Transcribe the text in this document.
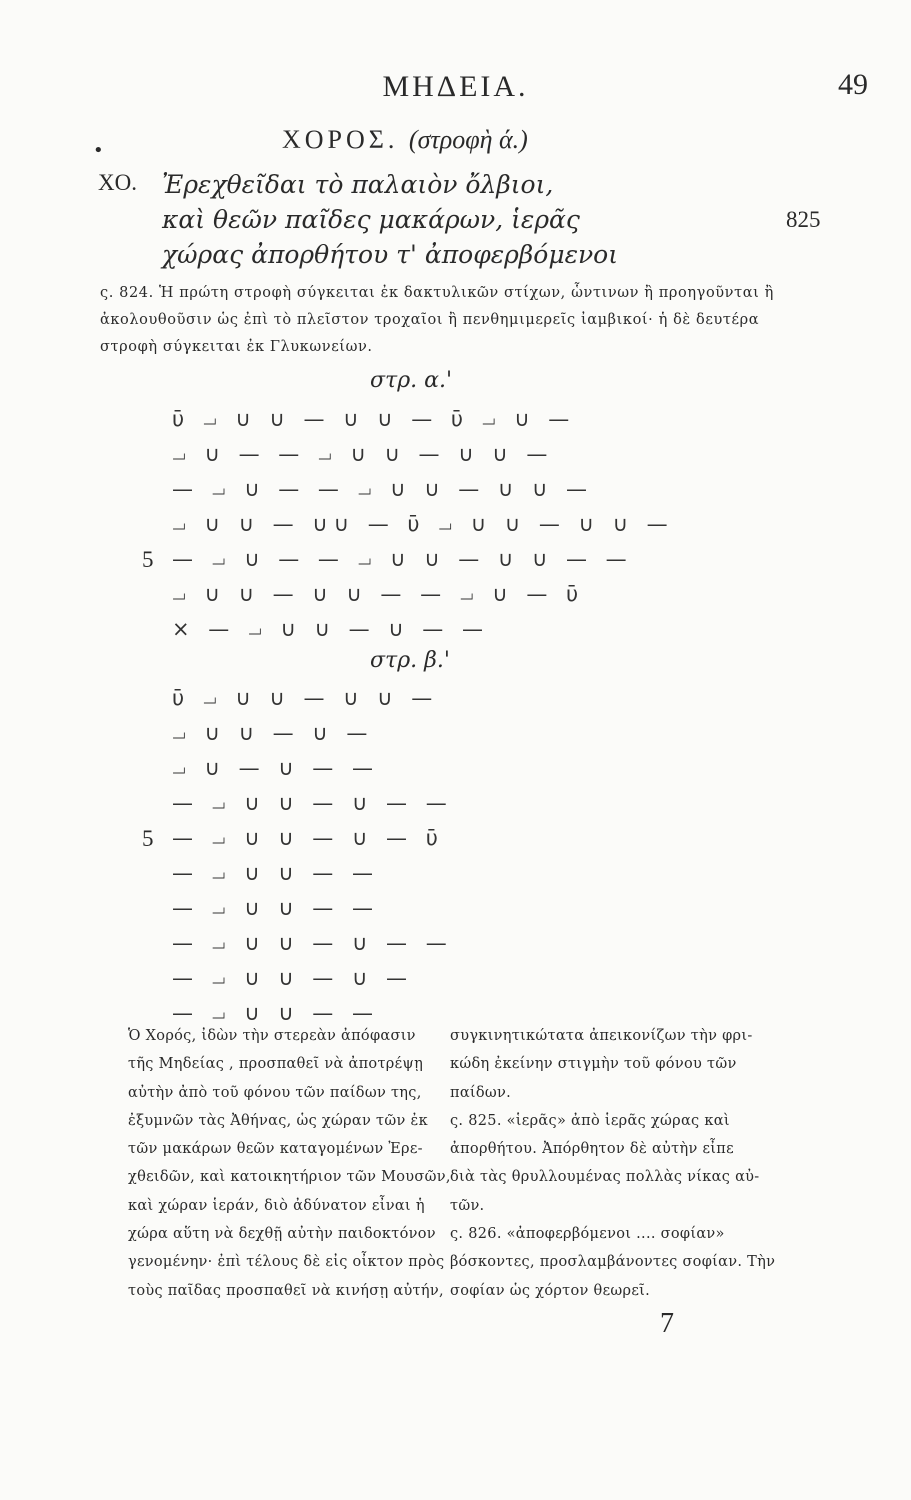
ΜΗΔΕΙΑ.	49
ΧΟΡΟΣ. (στροφὴ ά.)
•
ΧΟ. Ἐρεχθεῖδαι τὸ παλαιὸν ὄλβιοι,
καὶ θεῶν παῖδες μακάρων, ἱερᾶς
χώρας ἀπορθήτου τ' ἀποφερβόμενοι
825
ς. 824. Ἡ πρώτη στροφὴ σύγκειται ἐκ δακτυλικῶν στίχων, ὧντινων ἢ προηγοῦνται ἢ ἀκολουθοῦσιν ὡς ἐπὶ τὸ πλεῖστον τροχαῖοι ἢ πενθημιμερεῖς ἰαμβικοί· ἡ δὲ δευτέρα στροφὴ σύγκειται ἐκ Γλυκωνείων.
στρ. α.'
ῡ ⏗ ∪ ∪ — ∪ ∪ — ῡ ⏗ ∪ —
⏗ ∪ — — ⏗ ∪ ∪ — ∪ ∪ —
— ⏗ ∪ — — ⏗ ∪ ∪ — ∪ ∪ —
⏗ ∪ ∪ — ∪∪ — ῡ ⏗ ∪ ∪ — ∪ ∪ —
5 — ⏗ ∪ — — ⏗ ∪ ∪ — ∪ ∪ — —
⏗ ∪ ∪ — ∪ ∪ — — ⏗ ∪ — ῡ
× — ⏗ ∪ ∪ — ∪ — —
στρ. β.'
ῡ ⏗ ∪ ∪ — ∪ ∪ —
⏗ ∪ ∪ — ∪ —
⏗ ∪ — ∪ — —
— ⏗ ∪ ∪ — ∪ — —
5 — ⏗ ∪ ∪ — ∪ — ῡ
— ⏗ ∪ ∪ — —
— ⏗ ∪ ∪ — —
— ⏗ ∪ ∪ — ∪ — —
— ⏗ ∪ ∪ — ∪ —
— ⏗ ∪ ∪ — —
Ὁ Χορός, ἰδὼν τὴν στερεὰν ἀπόφασιν
τῆς Μηδείας , προσπαθεῖ νὰ ἀποτρέψῃ
αὐτὴν ἀπὸ τοῦ φόνου τῶν παίδων της,
ἐξυμνῶν τὰς Ἀθήνας, ὡς χώραν τῶν ἐκ
τῶν μακάρων θεῶν καταγομένων Ἐρε-
χθειδῶν, καὶ κατοικητήριον τῶν Μουσῶν,
καὶ χώραν ἱεράν, διὸ ἀδύνατον εἶναι ἡ
χώρα αὕτη νὰ δεχθῇ αὐτὴν παιδοκτόνον
γενομένην· ἐπὶ τέλους δὲ εἰς οἶκτον πρὸς
τοὺς παῖδας προσπαθεῖ νὰ κινήσῃ αὐτήν,
συγκινητικώτατα ἀπεικονίζων τὴν φρι-
κώδη ἐκείνην στιγμὴν τοῦ φόνου τῶν
παίδων.
ς. 825. «ἱερᾶς» ἀπὸ ἱερᾶς χώρας καὶ
ἀπορθήτου. Ἀπόρθητον δὲ αὐτὴν εἶπε
διὰ τὰς θρυλλουμένας πολλὰς νίκας αὐ-
τῶν.
ς. 826. «ἀποφερβόμενοι .... σοφίαν»
βόσκοντες, προσλαμβάνοντες σοφίαν. Τὴν
σοφίαν ὡς χόρτον θεωρεῖ.
7
